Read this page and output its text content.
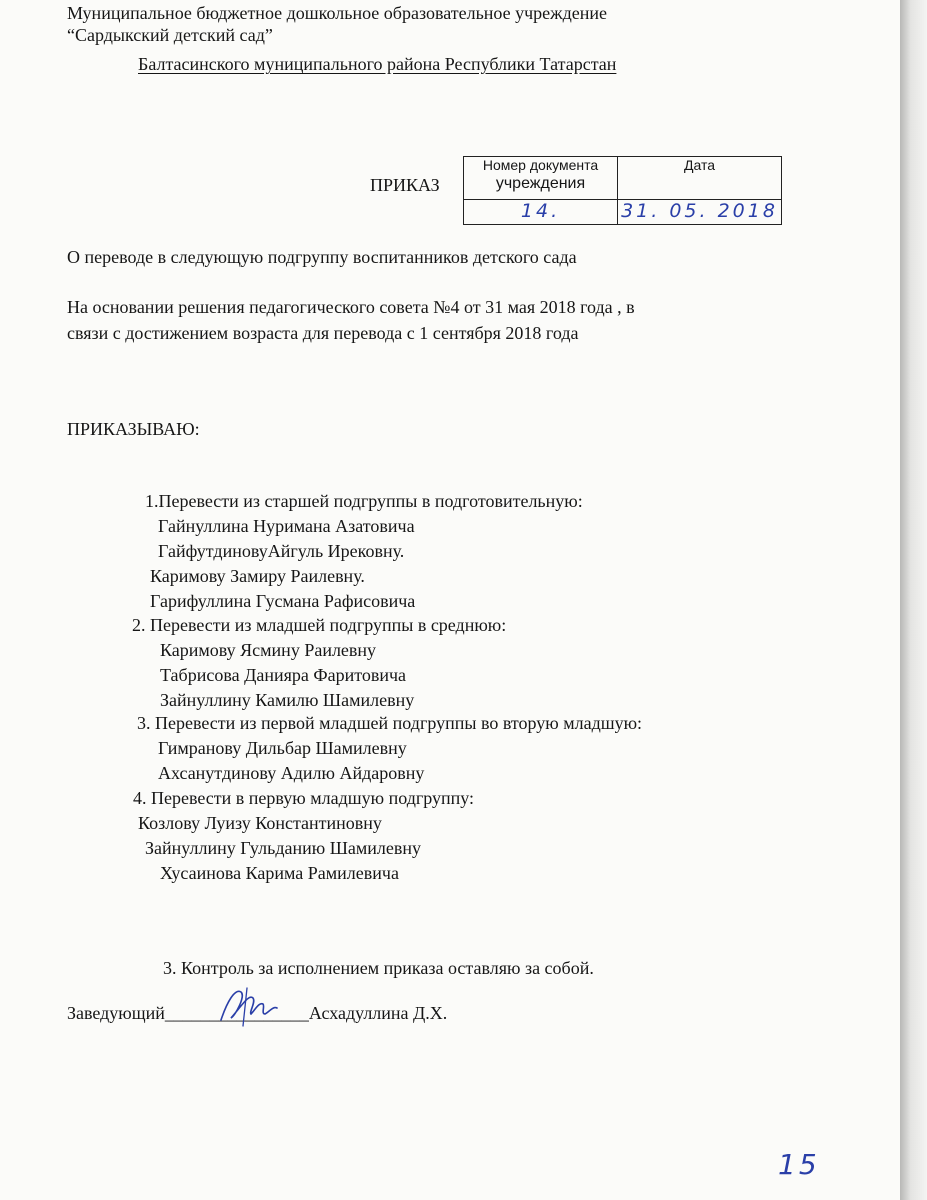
Муниципальное бюджетное дошкольное образовательное учреждение
“Сардыкский детский сад”
Балтасинского муниципального района Республики Татарстан
ПРИКАЗ
Номер документа
учреждения	Дата
14.	31. 05. 2018
О переводе в следующую подгруппу воспитанников детского сада
На основании решения педагогического совета №4 от 31 мая 2018 года , в
связи с достижением возраста для перевода с 1 сентября 2018 года
ПРИКАЗЫВАЮ:
1.Перевести из старшей подгруппы в подготовительную:
Гайнуллина Нуримана Азатовича
ГайфутдиновуАйгуль Ирековну.
Каримову Замиру Раилевну.
Гарифуллина Гусмана Рафисовича
2. Перевести из младшей подгруппы в среднюю:
Каримову Ясмину Раилевну
Табрисова Данияра Фаритовича
Зайнуллину Камилю Шамилевну
3. Перевести из первой младшей подгруппы во вторую младшую:
Гимранову Дильбар Шамилевну
Ахсанутдинову Адилю Айдаровну
4. Перевести в первую младшую подгруппу:
Козлову Луизу Константиновну
Зайнуллину Гульданию Шамилевну
Хусаинова Карима Рамилевича
3. Контроль за исполнением приказа оставляю за собой.
Заведующий________________Асхадуллина Д.Х.
15
